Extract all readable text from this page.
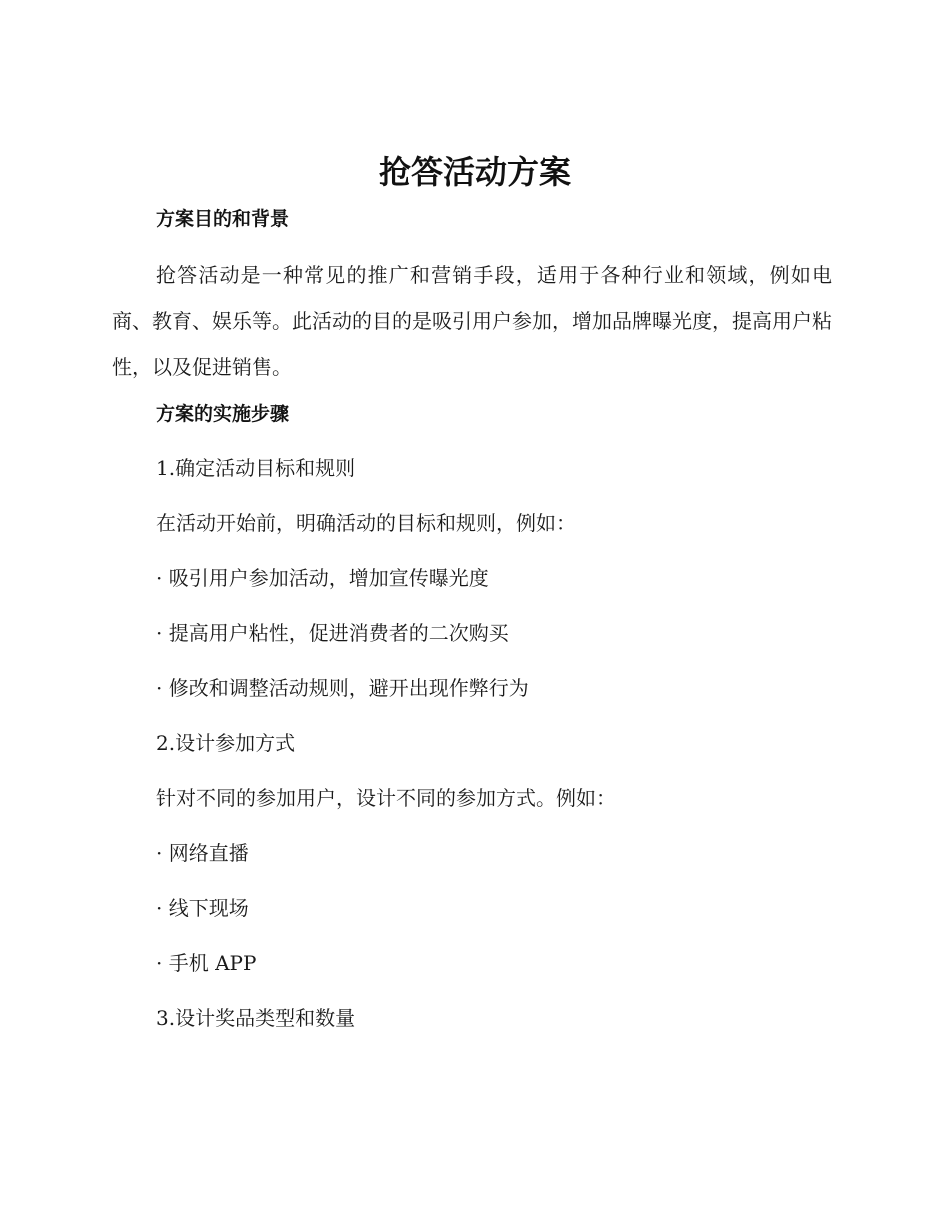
抢答活动方案
方案目的和背景

抢答活动是一种常见的推广和营销手段，适用于各种行业和领域，例如电商、教育、娱乐等。此活动的目的是吸引用户参加，增加品牌曝光度，提高用户粘性，以及促进销售。

方案的实施步骤

1.确定活动目标和规则

在活动开始前，明确活动的目标和规则，例如：

· 吸引用户参加活动，增加宣传曝光度

· 提高用户粘性，促进消费者的二次购买

· 修改和调整活动规则，避开出现作弊行为

2.设计参加方式

针对不同的参加用户，设计不同的参加方式。例如：

· 网络直播

· 线下现场

· 手机 APP

3.设计奖品类型和数量
